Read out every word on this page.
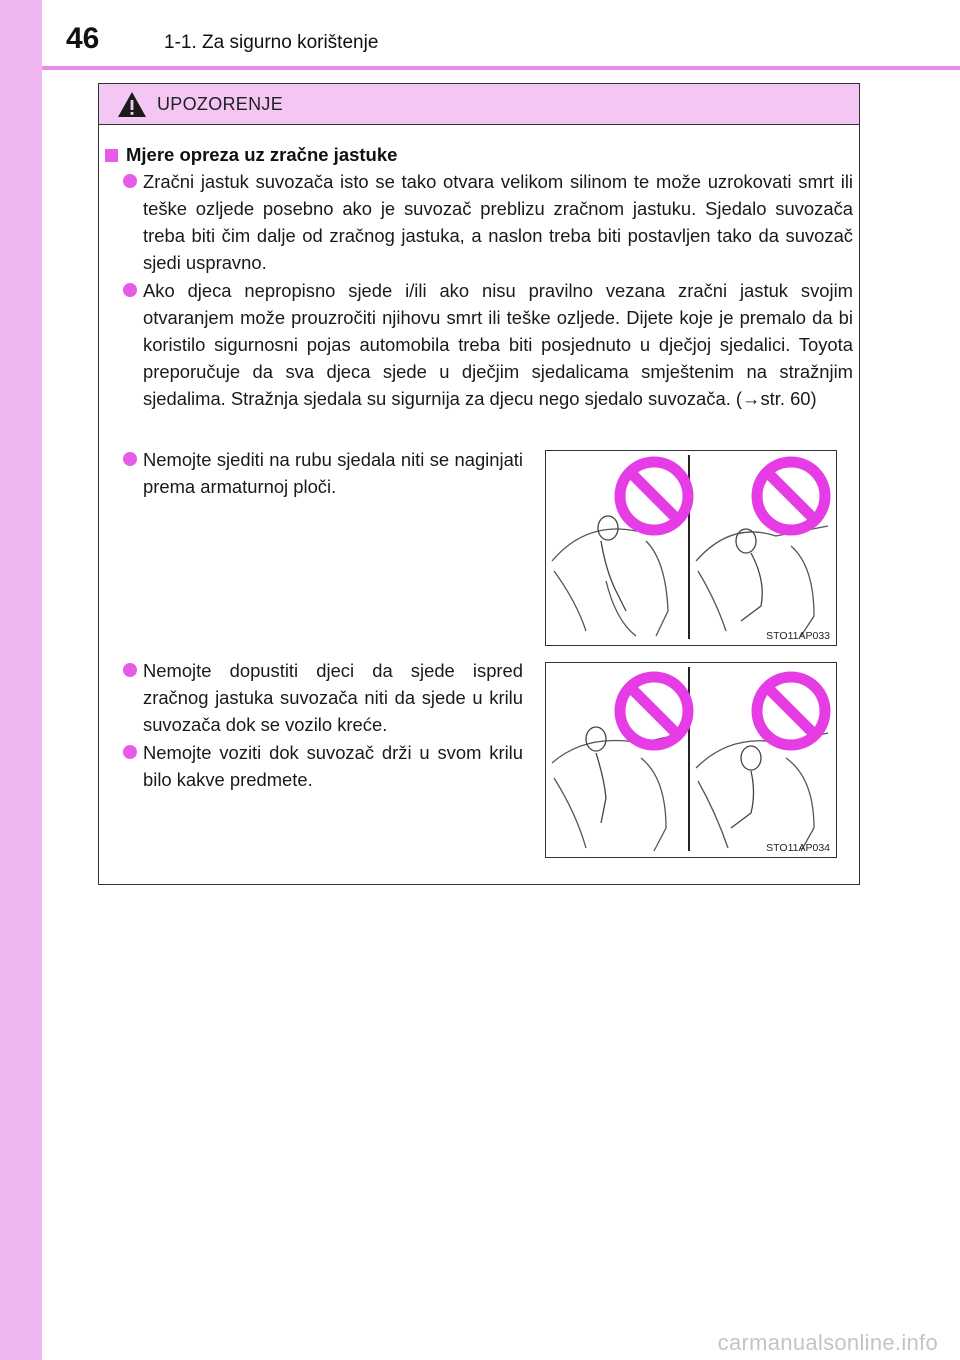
46	1-1. Za sigurno korištenje
UPOZORENJE
Mjere opreza uz zračne jastuke
Zračni jastuk suvozača isto se tako otvara velikom silinom te može uzrokovati smrt ili teške ozljede posebno ako je suvozač preblizu zračnom jastuku. Sjedalo suvozača treba biti čim dalje od zračnog jastuka, a naslon treba biti postavljen tako da suvozač sjedi uspravno.
Ako djeca nepropisno sjede i/ili ako nisu pravilno vezana zračni jastuk svojim otvaranjem može prouzročiti njihovu smrt ili teške ozljede. Dijete koje je premalo da bi koristilo sigurnosni pojas automobila treba biti posjednuto u dječjoj sjedalici. Toyota preporučuje da sva djeca sjede u dječjim sjedalicama smještenim na stražnjim sjedalima. Stražnja sjedala su sigurnija za djecu nego sjedalo suvozača. (→str. 60)
Nemojte sjediti na rubu sjedala niti se naginjati prema armaturnoj ploči.
Nemojte dopustiti djeci da sjede ispred zračnog jastuka suvozača niti da sjede u krilu suvozača dok se vozilo kreće.
Nemojte voziti dok suvozač drži u svom krilu bilo kakve predmete.
STO11AP033
STO11AP034
carmanualsonline.info
